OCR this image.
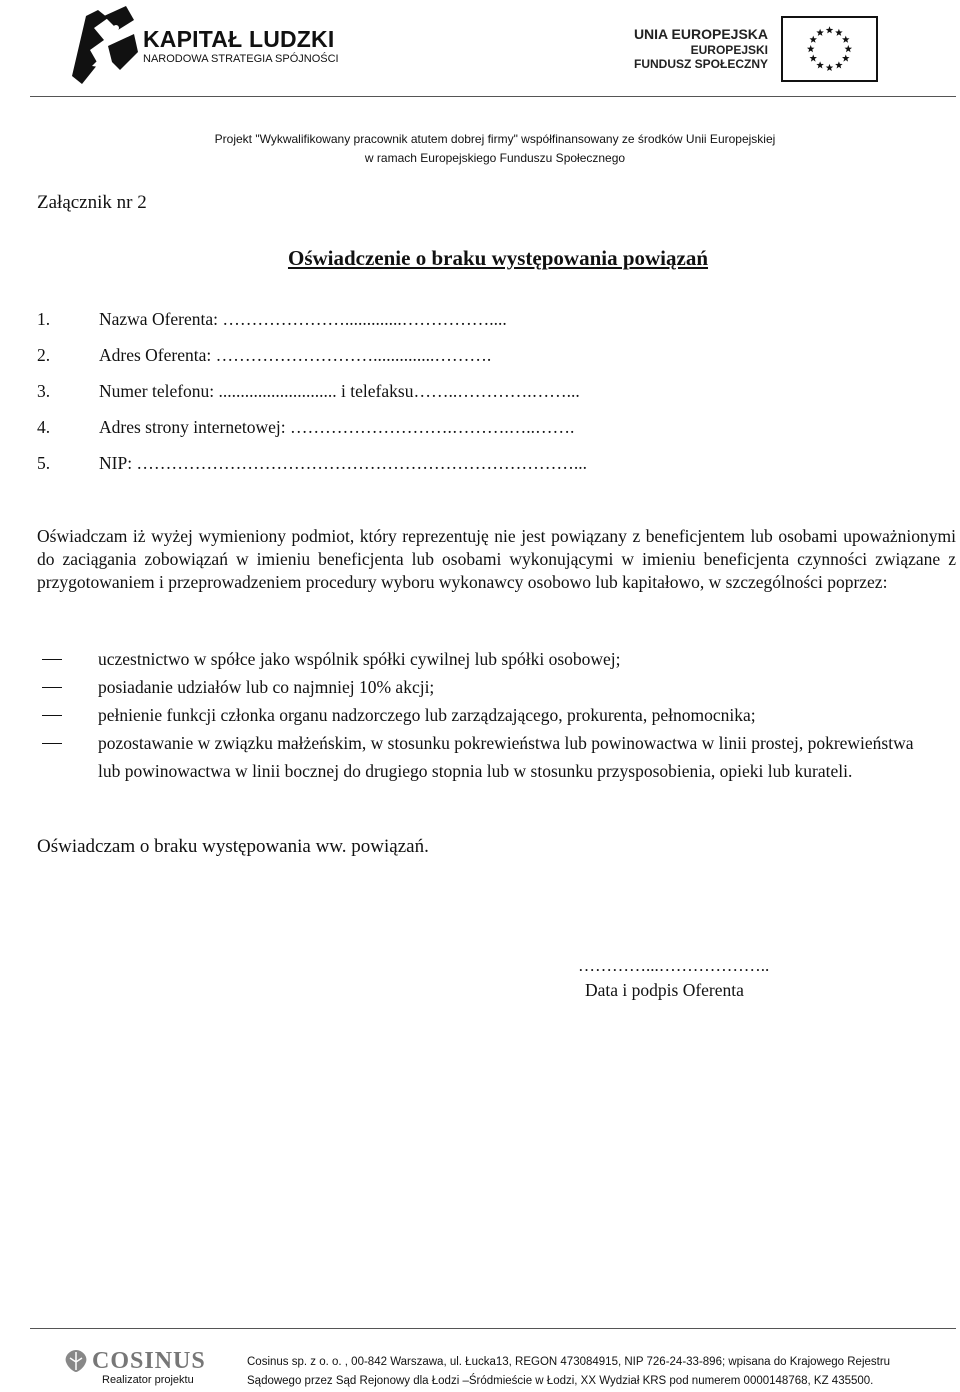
KAPITAŁ LUDZKI
NARODOWA STRATEGIA SPÓJNOŚCI
UNIA EUROPEJSKA
EUROPEJSKI
FUNDUSZ SPOŁECZNY
Projekt "Wykwalifikowany pracownik atutem dobrej firmy" współfinansowany ze środków Unii Europejskiej
w ramach Europejskiego Funduszu Społecznego
Załącznik nr 2
Oświadczenie o braku występowania powiązań
1.	Nazwa Oferenta: ………………….............……………....
2.	Adres Oferenta: ………………………..............……….
3.	Numer telefonu: ........................... i telefaksu……..………….……...
4.	Adres strony internetowej: ……………………….……….…..…….
5.	NIP: …………………………………………………………………...
Oświadczam iż wyżej wymieniony podmiot, który reprezentuję nie jest powiązany z beneficjentem lub osobami upoważnionymi do zaciągania zobowiązań w imieniu beneficjenta lub osobami wykonującymi w imieniu beneficjenta czynności związane z przygotowaniem i przeprowadzeniem procedury wyboru wykonawcy osobowo lub kapitałowo, w szczególności poprzez:
uczestnictwo w spółce jako wspólnik spółki cywilnej lub spółki osobowej;
posiadanie udziałów lub co najmniej 10% akcji;
pełnienie funkcji członka organu nadzorczego lub zarządzającego, prokurenta, pełnomocnika;
pozostawanie w związku małżeńskim, w stosunku pokrewieństwa lub powinowactwa w linii prostej, pokrewieństwa lub powinowactwa w linii bocznej do drugiego stopnia lub w stosunku przysposobienia, opieki lub kurateli.
Oświadczam o braku występowania ww. powiązań.
…………...………………..
Data i podpis Oferenta
COSINUS
Realizator projektu
Cosinus sp. z o. o. , 00-842 Warszawa, ul. Łucka13, REGON 473084915, NIP 726-24-33-896; wpisana do Krajowego Rejestru
Sądowego przez Sąd Rejonowy dla Łodzi –Śródmieście w Łodzi, XX Wydział KRS pod numerem 0000148768, KZ 435500.
